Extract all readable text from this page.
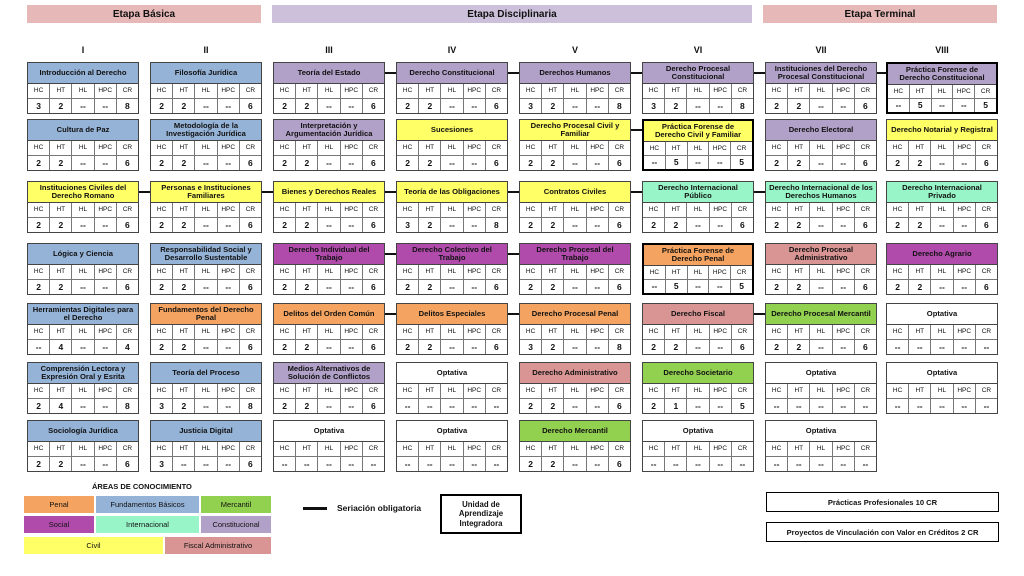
Etapa Básica	Etapa Disciplinaria	Etapa Terminal
I	II	III	IV	V	VI	VII	VIII
Introducción al Derecho
HC	HT	HL	HPC	CR
3	2	--	--	8
Cultura de Paz
HC	HT	HL	HPC	CR
2	2	--	--	6
Instituciones Civiles del Derecho Romano
HC	HT	HL	HPC	CR
2	2	--	--	6
Lógica y Ciencia
HC	HT	HL	HPC	CR
2	2	--	--	6
Herramientas Digitales para el Derecho
HC	HT	HL	HPC	CR
--	4	--	--	4
Comprensión Lectora y Expresión Oral y Esrita
HC	HT	HL	HPC	CR
2	4	--	--	8
Sociología Jurídica
HC	HT	HL	HPC	CR
2	2	--	--	6
Filosofía Jurídica
HC	HT	HL	HPC	CR
2	2	--	--	6
Metodología de la Investigación Jurídica
HC	HT	HL	HPC	CR
2	2	--	--	6
Personas e Instituciones Familiares
HC	HT	HL	HPC	CR
2	2	--	--	6
Responsabilidad Social y Desarrollo Sustentable
HC	HT	HL	HPC	CR
2	2	--	--	6
Fundamentos del Derecho Penal
HC	HT	HL	HPC	CR
2	2	--	--	6
Teoría del Proceso
HC	HT	HL	HPC	CR
3	2	--	--	8
Justicia Digital
HC	HT	HL	HPC	CR
3	--	--	--	6
Teoría del Estado
HC	HT	HL	HPC	CR
2	2	--	--	6
Interpretación y Argumentación Jurídica
HC	HT	HL	HPC	CR
2	2	--	--	6
Bienes y Derechos Reales
HC	HT	HL	HPC	CR
2	2	--	--	6
Derecho Individual del Trabajo
HC	HT	HL	HPC	CR
2	2	--	--	6
Delitos del Orden Común
HC	HT	HL	HPC	CR
2	2	--	--	6
Medios Alternativos de Solución de Conflictos
HC	HT	HL	HPC	CR
2	2	--	--	6
Optativa
HC	HT	HL	HPC	CR
--	--	--	--	--
Derecho Constitucional
HC	HT	HL	HPC	CR
2	2	--	--	6
Sucesiones
HC	HT	HL	HPC	CR
2	2	--	--	6
Teoría de las Obligaciones
HC	HT	HL	HPC	CR
3	2	--	--	8
Derecho Colectivo del Trabajo
HC	HT	HL	HPC	CR
2	2	--	--	6
Delitos Especiales
HC	HT	HL	HPC	CR
2	2	--	--	6
Optativa
HC	HT	HL	HPC	CR
--	--	--	--	--
Optativa
HC	HT	HL	HPC	CR
--	--	--	--	--
Derechos Humanos
HC	HT	HL	HPC	CR
3	2	--	--	8
Derecho Procesal Civil y Familiar
HC	HT	HL	HPC	CR
2	2	--	--	6
Contratos Civiles
HC	HT	HL	HPC	CR
2	2	--	--	6
Derecho Procesal del Trabajo
HC	HT	HL	HPC	CR
2	2	--	--	6
Derecho Procesal Penal
HC	HT	HL	HPC	CR
3	2	--	--	8
Derecho Administrativo
HC	HT	HL	HPC	CR
2	2	--	--	6
Derecho Mercantil
HC	HT	HL	HPC	CR
2	2	--	--	6
Derecho Procesal Constitucional
HC	HT	HL	HPC	CR
3	2	--	--	8
Práctica Forense de Derecho Civil y Familiar
HC	HT	HL	HPC	CR
--	5	--	--	5
Derecho Internacional Público
HC	HT	HL	HPC	CR
2	2	--	--	6
Práctica Forense de Derecho Penal
HC	HT	HL	HPC	CR
--	5	--	--	5
Derecho Fiscal
HC	HT	HL	HPC	CR
2	2	--	--	6
Derecho Societario
HC	HT	HL	HPC	CR
2	1	--	--	5
Optativa
HC	HT	HL	HPC	CR
--	--	--	--	--
Instituciones del Derecho Procesal Constitucional
HC	HT	HL	HPC	CR
2	2	--	--	6
Derecho Electoral
HC	HT	HL	HPC	CR
2	2	--	--	6
Derecho Internacional de los Derechos Humanos
HC	HT	HL	HPC	CR
2	2	--	--	6
Derecho Procesal Administrativo
HC	HT	HL	HPC	CR
2	2	--	--	6
Derecho Procesal Mercantil
HC	HT	HL	HPC	CR
2	2	--	--	6
Optativa
HC	HT	HL	HPC	CR
--	--	--	--	--
Optativa
HC	HT	HL	HPC	CR
--	--	--	--	--
Práctica Forense de Derecho Constitucional
HC	HT	HL	HPC	CR
--	5	--	--	5
Derecho Notarial y Registral
HC	HT	HL	HPC	CR
2	2	--	--	6
Derecho Internacional Privado
HC	HT	HL	HPC	CR
2	2	--	--	6
Derecho Agrario
HC	HT	HL	HPC	CR
2	2	--	--	6
Optativa
HC	HT	HL	HPC	CR
--	--	--	--	--
Optativa
HC	HT	HL	HPC	CR
--	--	--	--	--
ÁREAS DE CONOCIMIENTO
Penal	Fundamentos Básicos	Mercantil
Social	Internacional	Constitucional
Civil	Fiscal Administrativo
Seriación obligatoria	Unidad de Aprendizaje Integradora
Prácticas Profesionales 10 CR
Proyectos de Vinculación con Valor en Créditos 2 CR
